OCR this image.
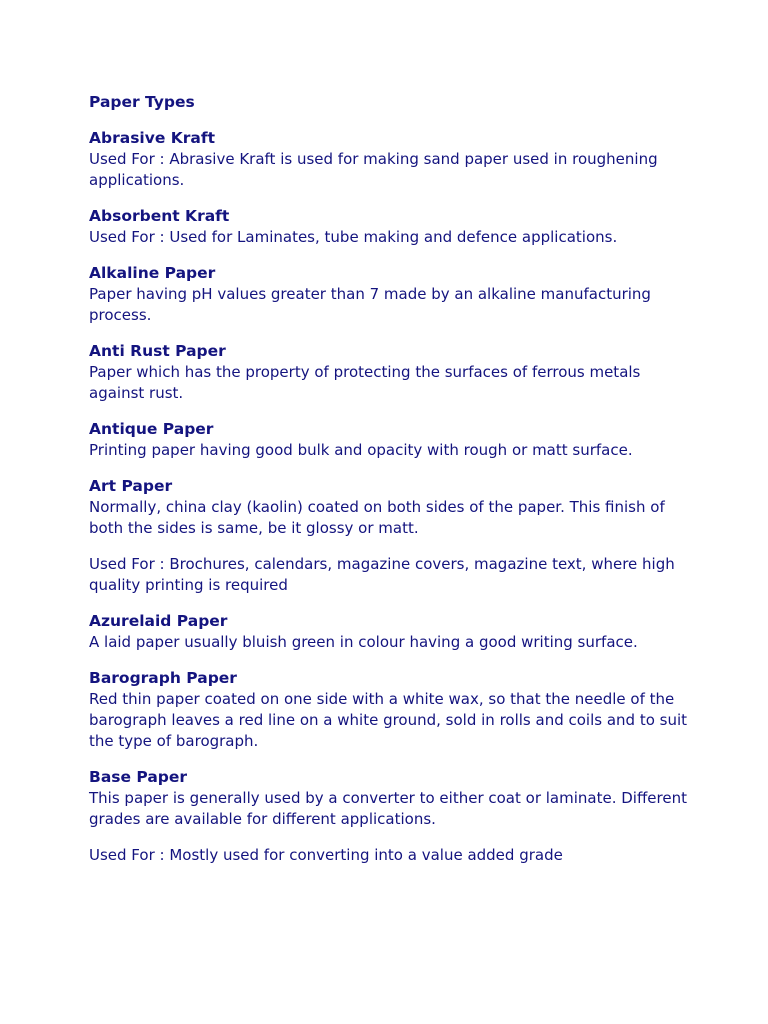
Paper Types
Abrasive Kraft

Used For : Abrasive Kraft is used for making sand paper used in roughening applications.

Absorbent Kraft

Used For : Used for Laminates, tube making and defence applications.

Alkaline Paper

Paper having pH values greater than 7 made by an alkaline manufacturing process.

Anti Rust Paper

Paper which has the property of protecting the surfaces of ferrous metals against rust.

Antique Paper

Printing paper having good bulk and opacity with rough or matt surface.

Art Paper

Normally, china clay (kaolin) coated on both sides of the paper. This finish of both the sides is same, be it glossy or matt.

Used For : Brochures, calendars, magazine covers, magazine text, where high quality printing is required

Azurelaid Paper

A laid paper usually bluish green in colour having a good writing surface.

Barograph Paper

Red thin paper coated on one side with a white wax, so that the needle of the barograph leaves a red line on a white ground, sold in rolls and coils and to suit the type of barograph.

Base Paper

This paper is generally used by a converter to either coat or laminate. Different grades are available for different applications.

Used For : Mostly used for converting into a value added grade
